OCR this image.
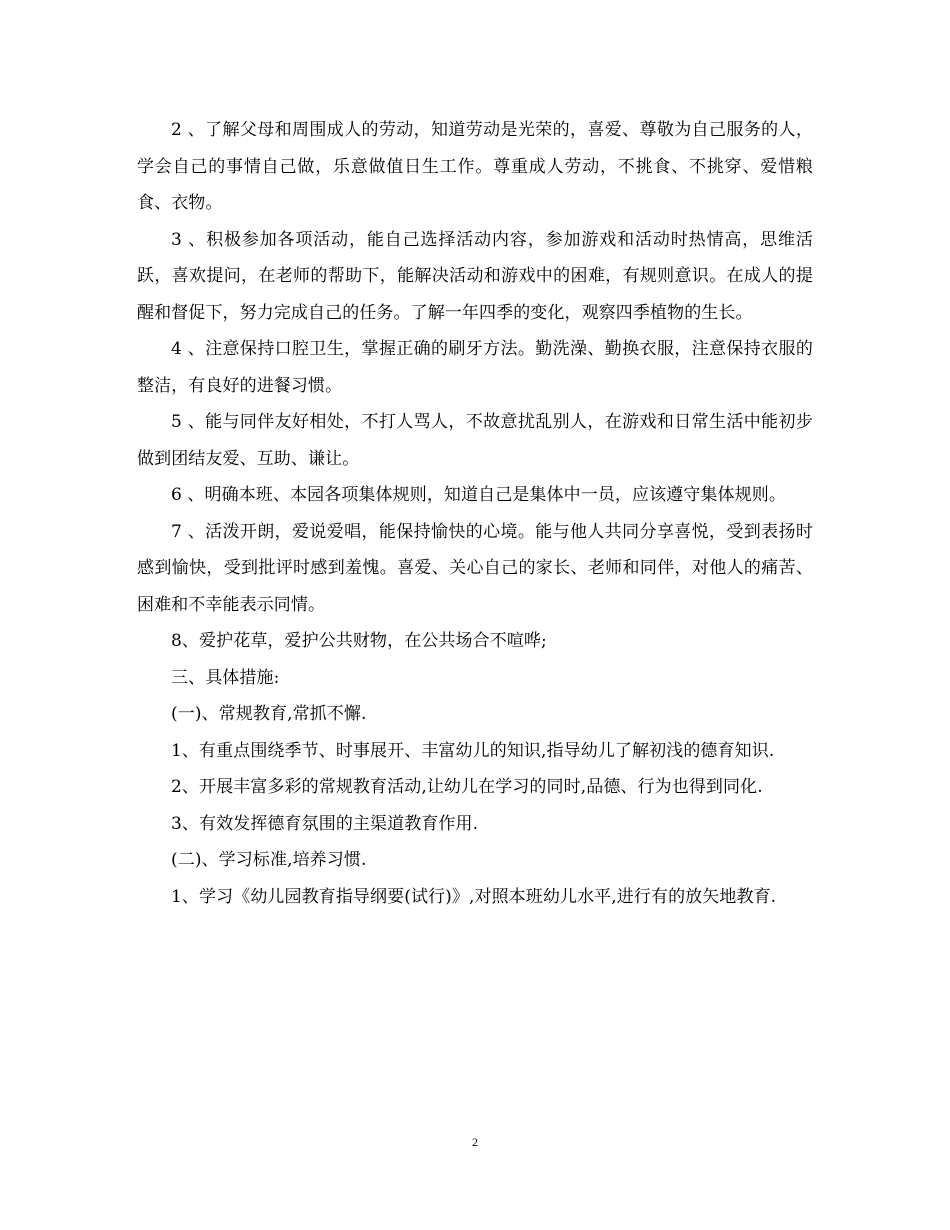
2 、了解父母和周围成人的劳动，知道劳动是光荣的，喜爱、尊敬为自己服务的人，学会自己的事情自己做，乐意做值日生工作。尊重成人劳动，不挑食、不挑穿、爱惜粮食、衣物。

3 、积极参加各项活动，能自己选择活动内容，参加游戏和活动时热情高，思维活跃，喜欢提问，在老师的帮助下，能解决活动和游戏中的困难，有规则意识。在成人的提醒和督促下，努力完成自己的任务。了解一年四季的变化，观察四季植物的生长。

4 、注意保持口腔卫生，掌握正确的刷牙方法。勤洗澡、勤换衣服，注意保持衣服的整洁，有良好的进餐习惯。

5 、能与同伴友好相处，不打人骂人，不故意扰乱别人，在游戏和日常生活中能初步做到团结友爱、互助、谦让。

6 、明确本班、本园各项集体规则，知道自己是集体中一员，应该遵守集体规则。

7 、活泼开朗，爱说爱唱，能保持愉快的心境。能与他人共同分享喜悦，受到表扬时感到愉快，受到批评时感到羞愧。喜爱、关心自己的家长、老师和同伴，对他人的痛苦、困难和不幸能表示同情。

8、爱护花草，爱护公共财物，在公共场合不喧哗;

三、具体措施:

(一)、常规教育,常抓不懈.

1、有重点围绕季节、时事展开、丰富幼儿的知识,指导幼儿了解初浅的德育知识.

2、开展丰富多彩的常规教育活动,让幼儿在学习的同时,品德、行为也得到同化.

3、有效发挥德育氛围的主渠道教育作用.

(二)、学习标准,培养习惯.

1、学习《幼儿园教育指导纲要(试行)》,对照本班幼儿水平,进行有的放矢地教育.

2
